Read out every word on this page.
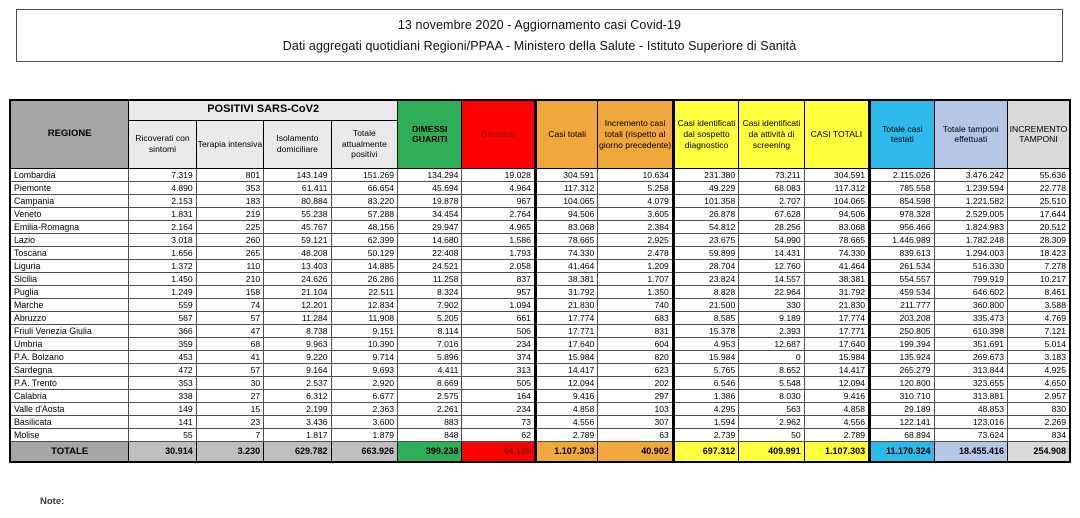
13 novembre 2020 - Aggiornamento casi Covid-19
Dati aggregati quotidiani Regioni/PPAA - Ministero della Salute - Istituto Superiore di Sanità
REGIONE	POSITIVI SARS-CoV2				DIMESSI GUARITI	Deceduti	Casi totali	Incremento casi totali (rispetto al giorno precedente)	Casi identificati dal sospetto diagnostico	Casi identificati da attività di screening	CASI TOTALI	Totale casi testati	Totale tamponi effettuati	INCREMENTO TAMPONI
	Ricoverati con sintomi	Terapia intensiva	Isolamento domiciliare	Totale attualmente positivi										
Lombardia	7.319	801	143.149	151.269	134.294	19.028	304.591	10.634	231.380	73.211	304.591	2.115.026	3.476.242	55.636
Piemonte	4.890	353	61.411	66.654	45.694	4.964	117.312	5.258	49.229	68.083	117.312	785.558	1.239.594	22.778
Campania	2.153	183	80.884	83.220	19.878	967	104.065	4.079	101.358	2.707	104.065	854.598	1.221.582	25.510
Veneto	1.831	219	55.238	57.288	34.454	2.764	94.506	3.605	26.878	67.628	94.506	978.328	2.529.005	17.644
Emilia-Romagna	2.164	225	45.767	48.156	29.947	4.965	83.068	2.384	54.812	28.256	83.068	956.466	1.824.983	20.512
Lazio	3.018	260	59.121	62.399	14.680	1.586	78.665	2.925	23.675	54.990	78.665	1.446.989	1.782.248	28.309
Toscana	1.656	265	48.208	50.129	22.408	1.793	74.330	2.478	59.899	14.431	74.330	839.613	1.294.003	18.423
Liguria	1.372	110	13.403	14.885	24.521	2.058	41.464	1.209	28.704	12.760	41.464	261.534	516.330	7.278
Sicilia	1.450	210	24.626	26.286	11.258	837	38.381	1.707	23.824	14.557	38.381	554.557	799.919	10.217
Puglia	1.249	158	21.104	22.511	8.324	957	31.792	1.350	8.828	22.964	31.792	459.534	646.602	8.461
Marche	559	74	12.201	12.834	7.902	1.094	21.830	740	21.500	330	21.830	211.777	360.800	3.588
Abruzzo	567	57	11.284	11.908	5.205	661	17.774	683	8.585	9.189	17.774	203.208	335.473	4.769
Friuli Venezia Giulia	366	47	8.738	9.151	8.114	506	17.771	831	15.378	2.393	17.771	250.805	610.398	7.121
Umbria	359	68	9.963	10.390	7.016	234	17.640	604	4.953	12.687	17.640	199.394	351.691	5.014
P.A. Bolzano	453	41	9.220	9.714	5.896	374	15.984	820	15.984	0	15.984	135.924	269.673	3.183
Sardegna	472	57	9.164	9.693	4.411	313	14.417	623	5.765	8.652	14.417	265.279	313.844	4.925
P.A. Trento	353	30	2.537	2.920	8.669	505	12.094	202	6.546	5.548	12.094	120.800	323.655	4.650
Calabria	338	27	6.312	6.677	2.575	164	9.416	297	1.386	8.030	9.416	310.710	313.881	2.957
Valle d'Aosta	149	15	2.199	2.363	2.261	234	4.858	103	4.295	563	4.858	29.189	48.853	830
Basilicata	141	23	3.436	3.600	883	73	4.556	307	1.594	2.962	4.556	122.141	123.016	2.269
Molise	55	7	1.817	1.879	848	62	2.789	63	2.739	50	2.789	68.894	73.624	834
TOTALE	30.914	3.230	629.782	663.926	399.238	44.139	1.107.303	40.902	697.312	409.991	1.107.303	11.170.324	18.455.416	254.908
Note:
